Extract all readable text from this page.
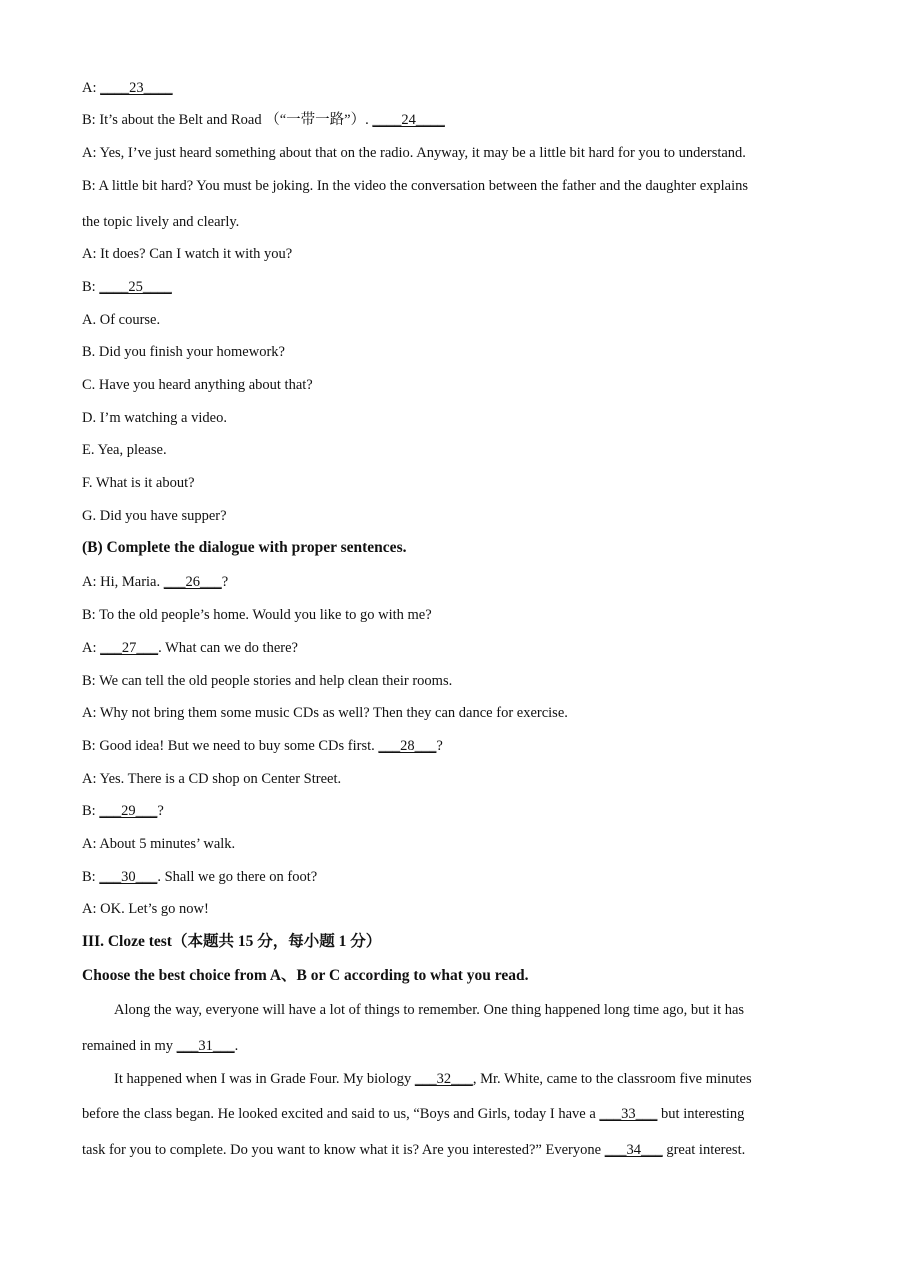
A: ____23____
B: It’s about the Belt and Road （“一带一路”）. ____24____
A: Yes, I’ve just heard something about that on the radio. Anyway, it may be a little bit hard for you to understand.
B: A little bit hard? You must be joking. In the video the conversation between the father and the daughter explains
the topic lively and clearly.
A: It does? Can I watch it with you?
B: ____25____
A. Of course.
B. Did you finish your homework?
C. Have you heard anything about that?
D. I’m watching a video.
E. Yea, please.
F. What is it about?
G. Did you have supper?
(B) Complete the dialogue with proper sentences.
A: Hi, Maria. ___26___?
B: To the old people’s home. Would you like to go with me?
A: ___27___. What can we do there?
B: We can tell the old people stories and help clean their rooms.
A: Why not bring them some music CDs as well? Then they can dance for exercise.
B: Good idea! But we need to buy some CDs first. ___28___?
A: Yes. There is a CD shop on Center Street.
B: ___29___?
A: About 5 minutes’ walk.
B: ___30___. Shall we go there on foot?
A: OK. Let’s go now!
III. Cloze test（本题共 15 分，每小题 1 分）
Choose the best choice from A、B or C according to what you read.
Along the way, everyone will have a lot of things to remember. One thing happened long time ago, but it has
remained in my ___31___.
It happened when I was in Grade Four. My biology ___32___, Mr. White, came to the classroom five minutes
before the class began. He looked excited and said to us, “Boys and Girls, today I have a ___33___ but interesting
task for you to complete. Do you want to know what it is? Are you interested?” Everyone ___34___ great interest.
